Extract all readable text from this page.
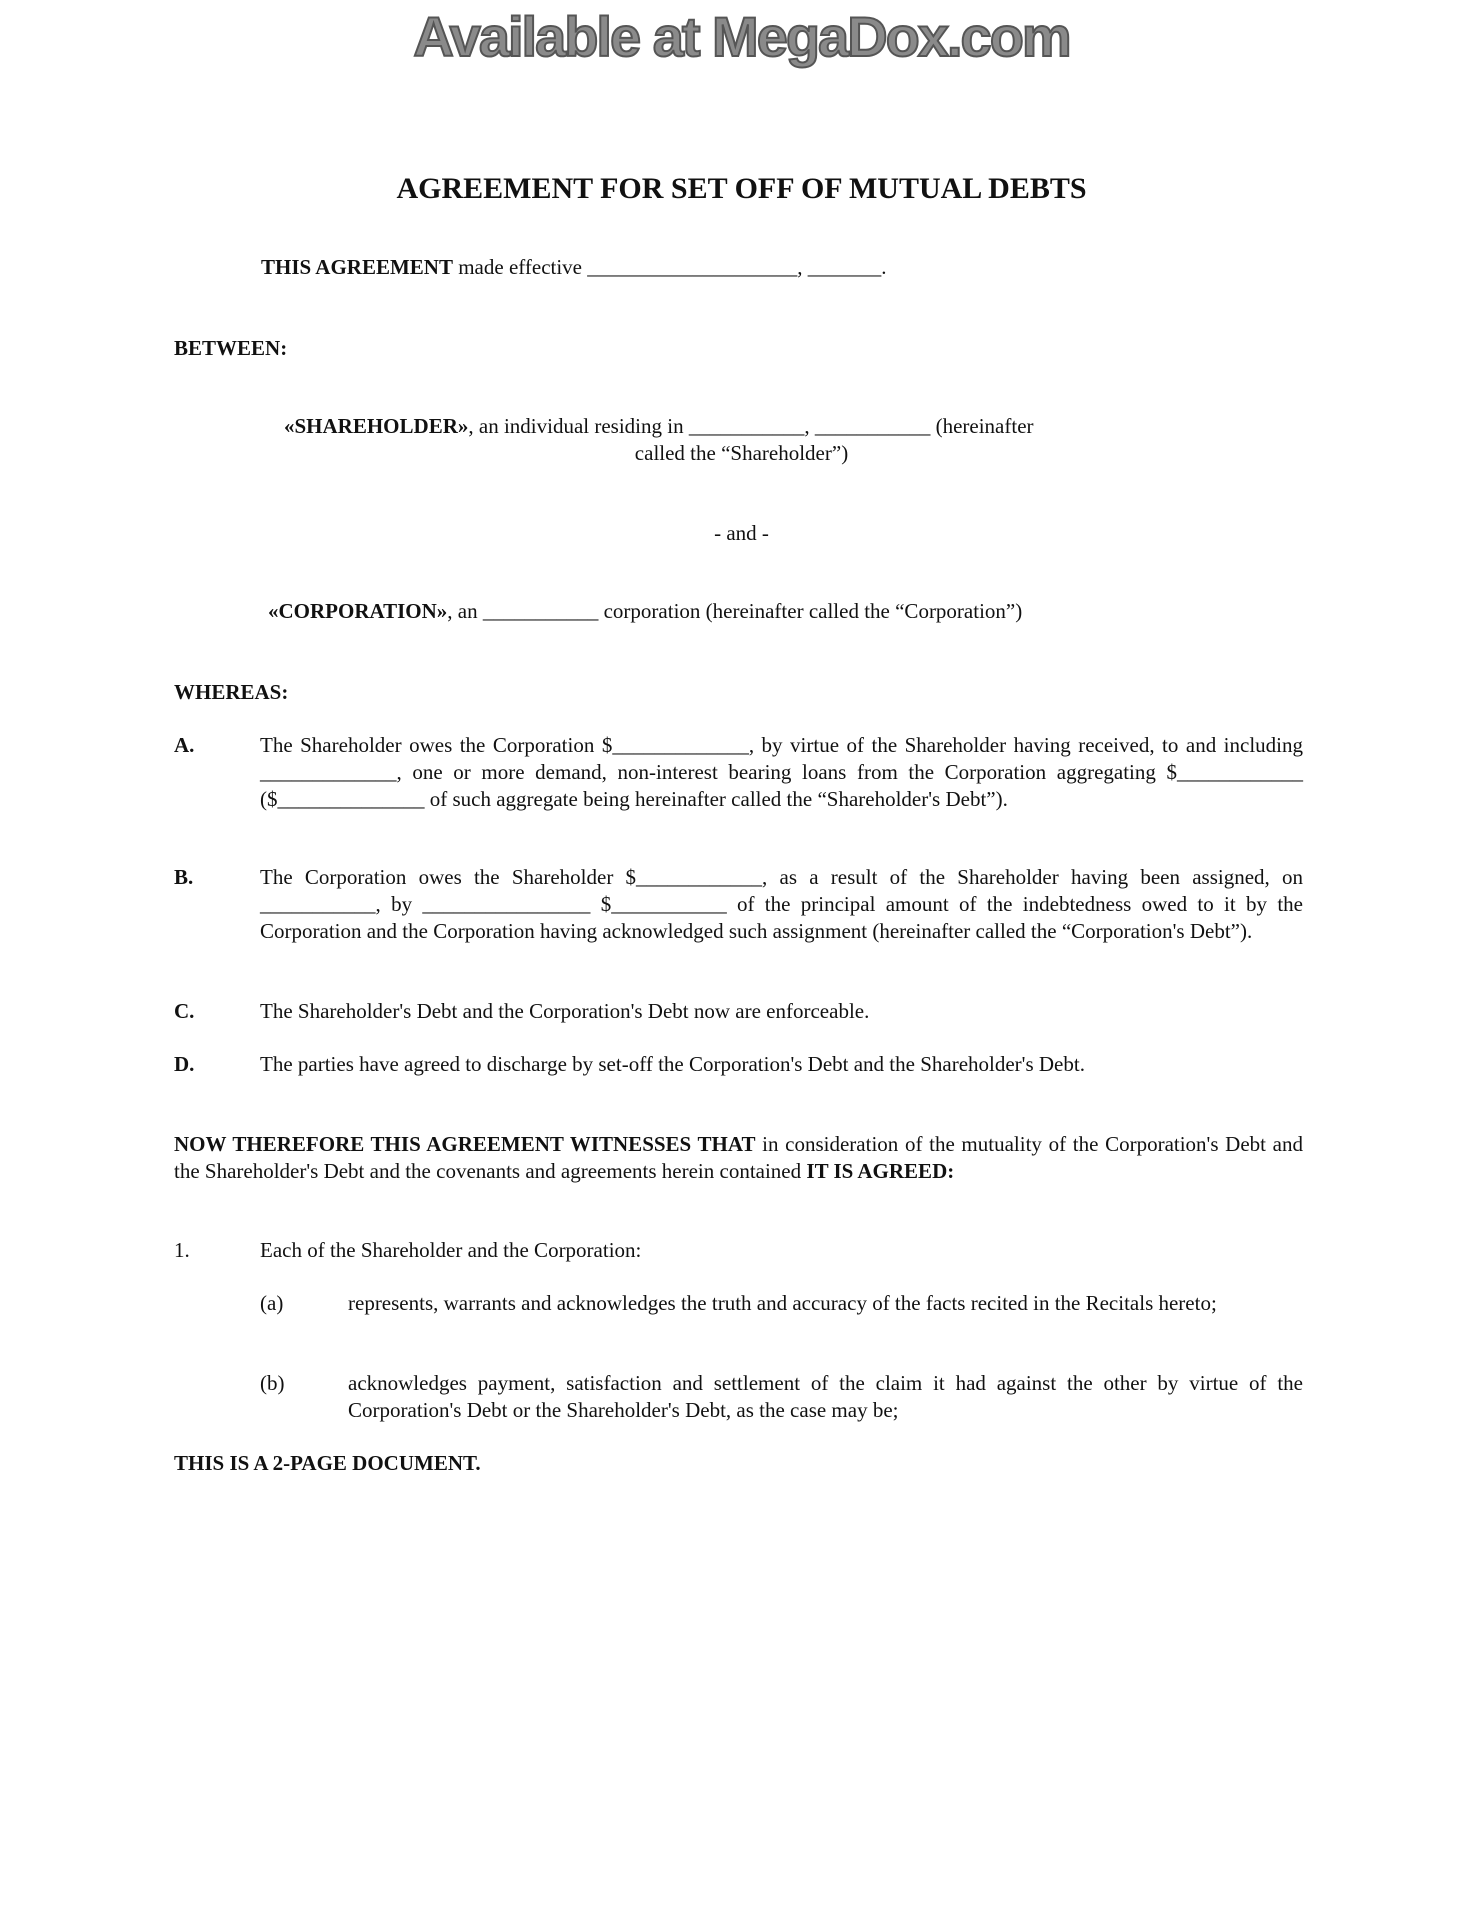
Available at MegaDox.com
AGREEMENT FOR SET OFF OF MUTUAL DEBTS
THIS AGREEMENT made effective ____________________, _______.
BETWEEN:
«SHAREHOLDER», an individual residing in ___________, ___________ (hereinafter
called the “Shareholder”)
- and -
«CORPORATION», an ___________ corporation (hereinafter called the “Corporation”)
WHEREAS:
A.	The Shareholder owes the Corporation $_____________, by virtue of the Shareholder having received, to and including _____________, one or more demand, non-interest bearing loans from the Corporation aggregating $____________ ($______________ of such aggregate being hereinafter called the “Shareholder's Debt”).
B.	The Corporation owes the Shareholder $____________, as a result of the Shareholder having been assigned, on ___________, by ________________ $___________ of the principal amount of the indebtedness owed to it by the Corporation and the Corporation having acknowledged such assignment (hereinafter called the “Corporation's Debt”).
C.	The Shareholder's Debt and the Corporation's Debt now are enforceable.
D.	The parties have agreed to discharge by set-off the Corporation's Debt and the Shareholder's Debt.
NOW THEREFORE THIS AGREEMENT WITNESSES THAT in consideration of the mutuality of the Corporation's Debt and the Shareholder's Debt and the covenants and agreements herein contained IT IS AGREED:
1.	Each of the Shareholder and the Corporation:
(a)	represents, warrants and acknowledges the truth and accuracy of the facts recited in the Recitals hereto;
(b)	acknowledges payment, satisfaction and settlement of the claim it had against the other by virtue of the Corporation's Debt or the Shareholder's Debt, as the case may be;
THIS IS A 2-PAGE DOCUMENT.
